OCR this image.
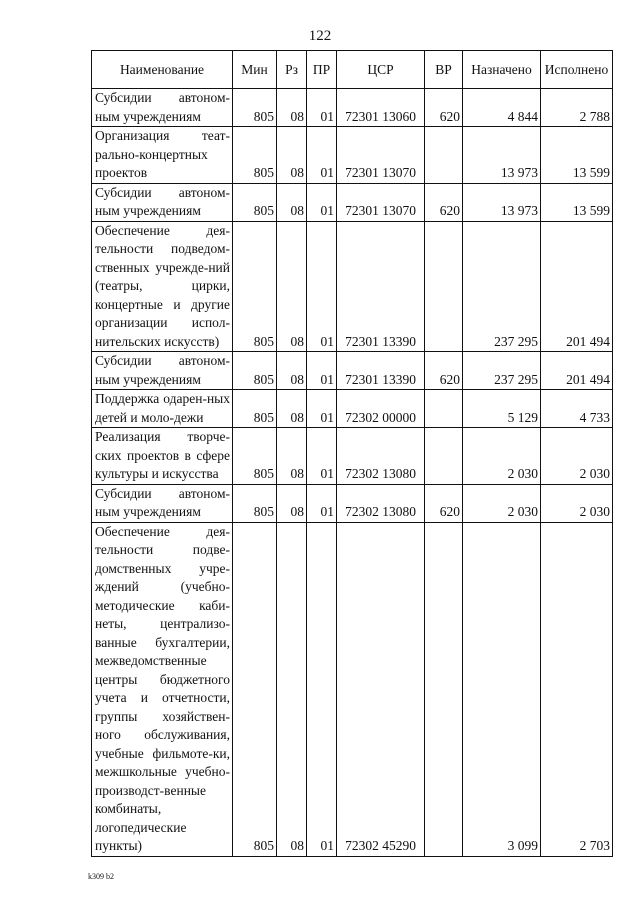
122
Наименование	Мин	Рз	ПР	ЦСР	ВР	Назначено	Исполнено
Субсидии автоном-ным учреждениям	805	08	01	72301 13060	620	4 844	2 788
Организация теат-рально-концертных проектов	805	08	01	72301 13070		13 973	13 599
Субсидии автоном-ным учреждениям	805	08	01	72301 13070	620	13 973	13 599
Обеспечение дея-тельности подведом-ственных учрежде-ний (театры, цирки, концертные и другие организации испол-нительских искусств)	805	08	01	72301 13390		237 295	201 494
Субсидии автоном-ным учреждениям	805	08	01	72301 13390	620	237 295	201 494
Поддержка одарен-ных детей и моло-дежи	805	08	01	72302 00000		5 129	4 733
Реализация творче-ских проектов в сфере культуры и искусства	805	08	01	72302 13080		2 030	2 030
Субсидии автоном-ным учреждениям	805	08	01	72302 13080	620	2 030	2 030
Обеспечение дея-тельности подве-домственных учре-ждений (учебно-методические каби-неты, централизо-ванные бухгалтерии, межведомственные центры бюджетного учета и отчетности, группы хозяйствен-ного обслуживания, учебные фильмоте-ки, межшкольные учебно-производст-венные комбинаты, логопедические пункты)	805	08	01	72302 45290		3 099	2 703
k309 b2
